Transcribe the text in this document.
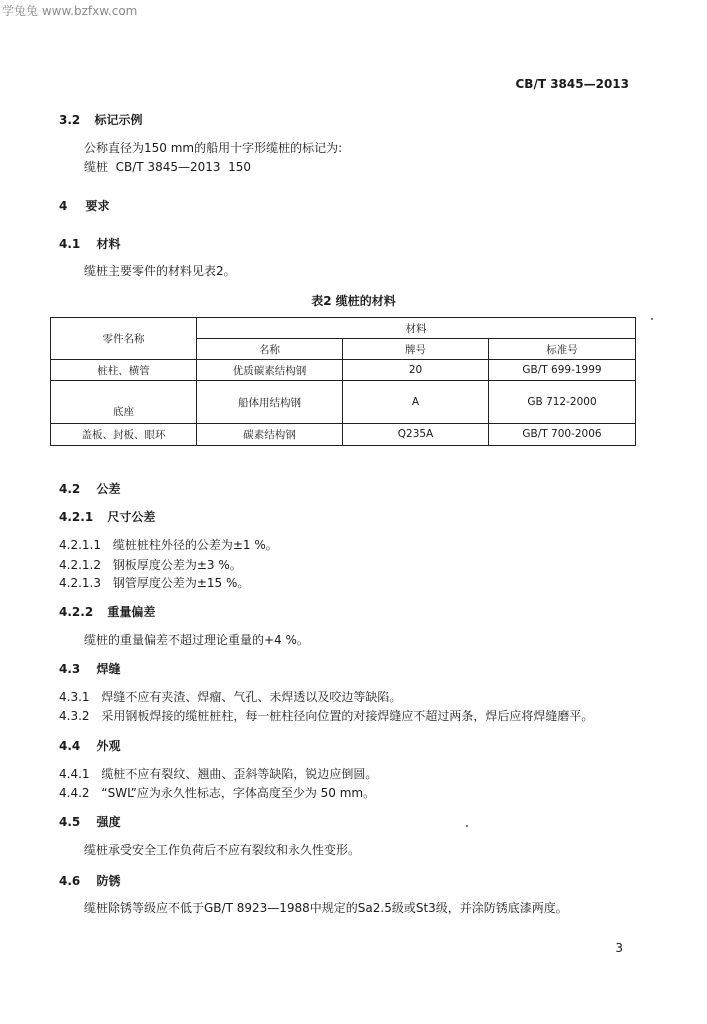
学兔兔 www.bzfxw.com
CB/T 3845—2013
3.2 标记示例
公称直径为150 mm的船用十字形缆桩的标记为:
缆桩  CB/T 3845—2013  150
4 要求
4.1 材料
缆桩主要零件的材料见表2。
表2 缆桩的材料
零件名称	材料		
	名称	牌号	标准号
桩柱、横管	优质碳素结构钢	20	GB/T 699-1999
底座	船体用结构钢	A	GB 712-2000

盖板、封板、眼环	碳素结构钢	Q235A	GB/T 700-2006
4.2 公差
4.2.1 尺寸公差
4.2.1.1 缆桩桩柱外径的公差为±1 %。
4.2.1.2 钢板厚度公差为±3 %。
4.2.1.3 钢管厚度公差为±15 %。
4.2.2 重量偏差
缆桩的重量偏差不超过理论重量的+4 %。
4.3 焊缝
4.3.1 焊缝不应有夹渣、焊瘤、气孔、未焊透以及咬边等缺陷。
4.3.2 采用钢板焊接的缆桩桩柱，每一桩柱径向位置的对接焊缝应不超过两条，焊后应将焊缝磨平。
4.4 外观
4.4.1 缆桩不应有裂纹、翘曲、歪斜等缺陷，锐边应倒圆。
4.4.2 “SWL”应为永久性标志，字体高度至少为 50 mm。
4.5 强度
缆桩承受安全工作负荷后不应有裂纹和永久性变形。
4.6 防锈
缆桩除锈等级应不低于GB/T 8923—1988中规定的Sa2.5级或St3级，并涂防锈底漆两度。
3
